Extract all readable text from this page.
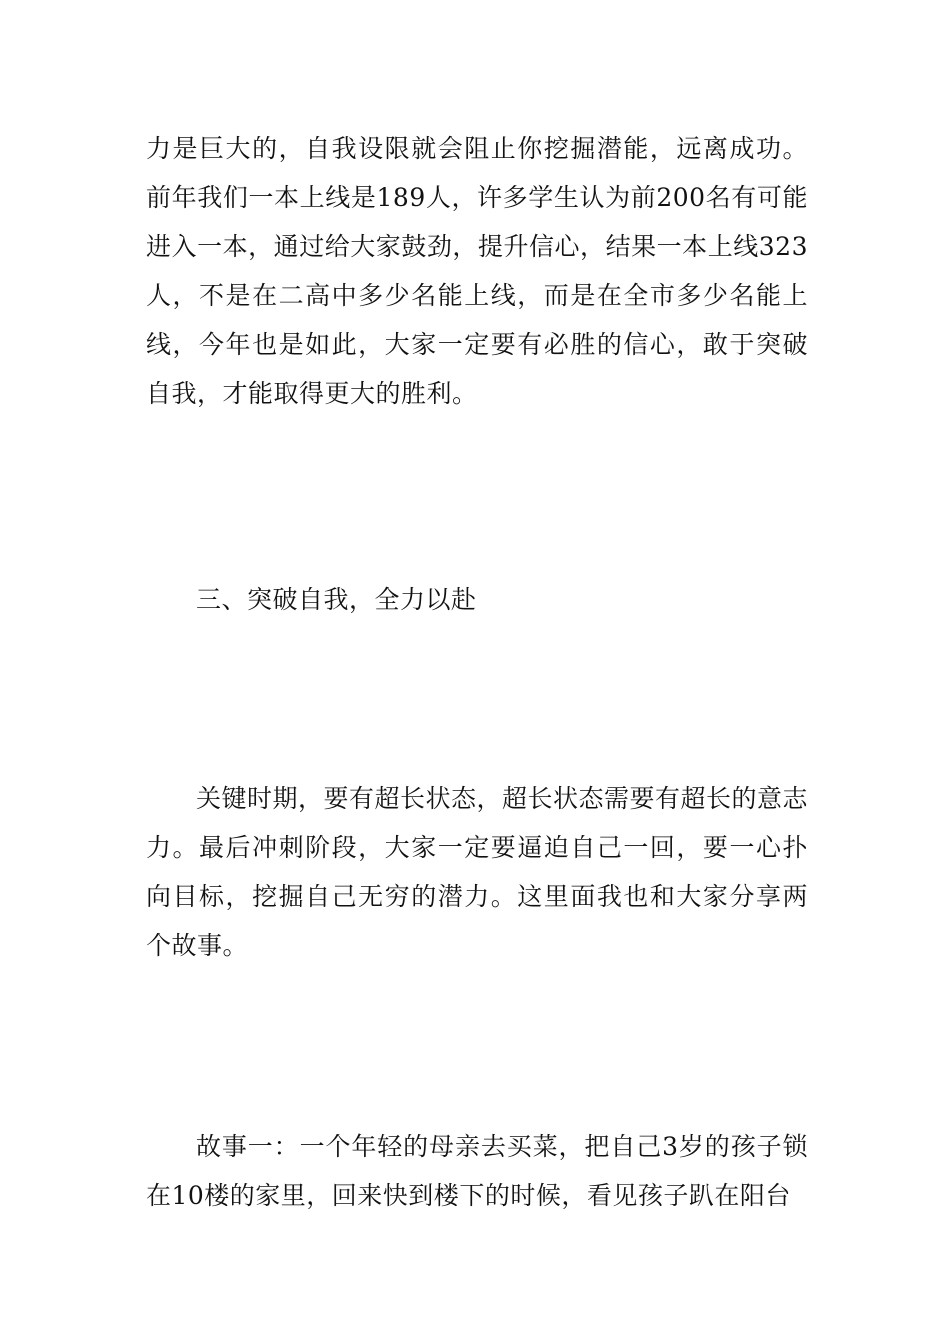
力是巨大的，自我设限就会阻止你挖掘潜能，远离成功。前年我们一本上线是189人，许多学生认为前200名有可能进入一本，通过给大家鼓劲，提升信心，结果一本上线323人，不是在二高中多少名能上线，而是在全市多少名能上线，今年也是如此，大家一定要有必胜的信心，敢于突破自我，才能取得更大的胜利。

三、突破自我，全力以赴

关键时期，要有超长状态，超长状态需要有超长的意志力。最后冲刺阶段，大家一定要逼迫自己一回，要一心扑向目标，挖掘自己无穷的潜力。这里面我也和大家分享两个故事。

故事一：一个年轻的母亲去买菜，把自己3岁的孩子锁在10楼的家里，回来快到楼下的时候，看见孩子趴在阳台
